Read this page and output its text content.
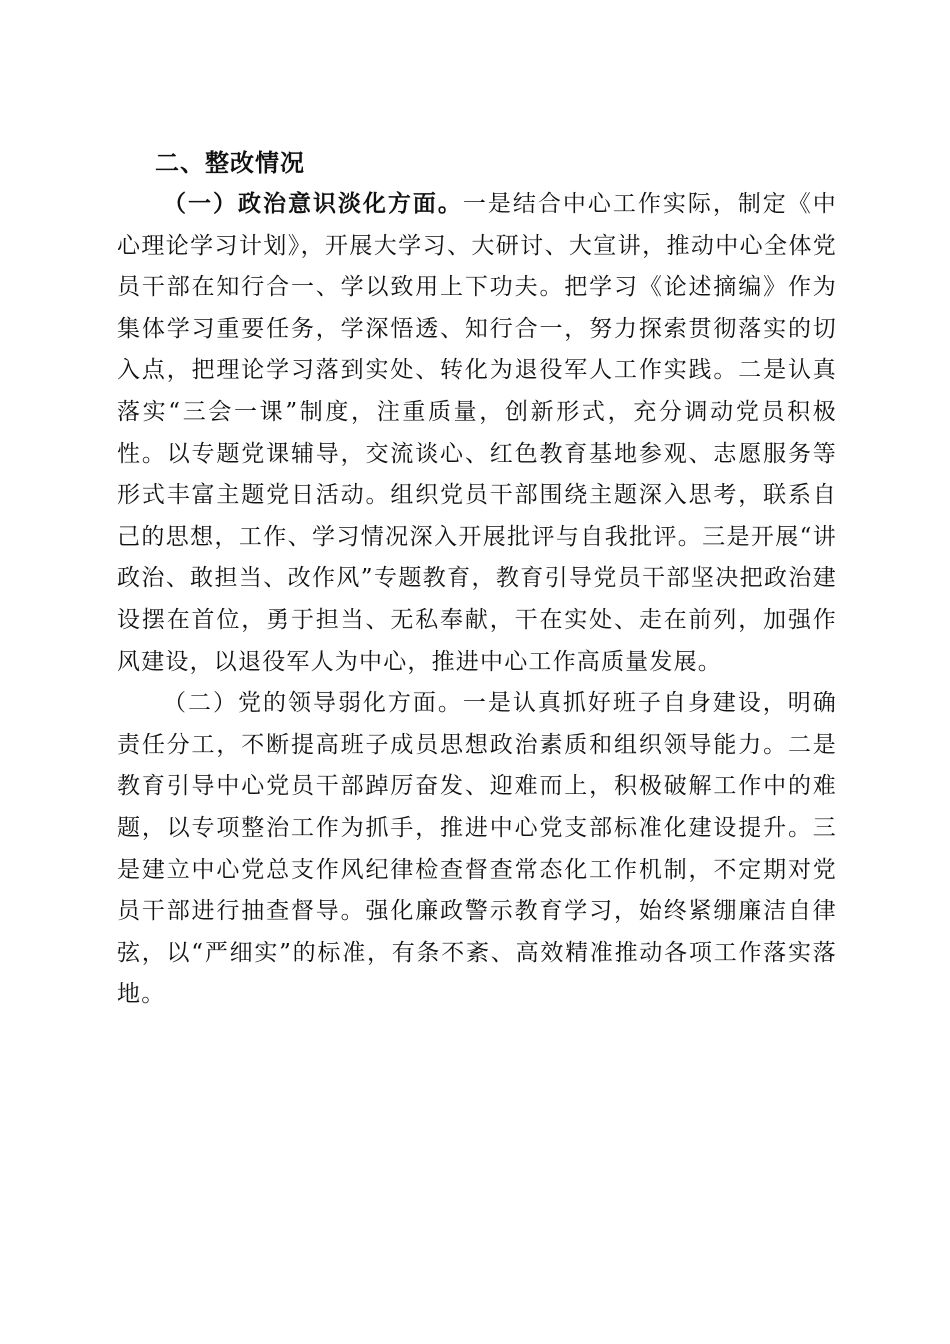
二、整改情况

（一）政治意识淡化方面。一是结合中心工作实际，制定《中心理论学习计划》，开展大学习、大研讨、大宣讲，推动中心全体党员干部在知行合一、学以致用上下功夫。把学习《论述摘编》作为集体学习重要任务，学深悟透、知行合一，努力探索贯彻落实的切入点，把理论学习落到实处、转化为退役军人工作实践。二是认真落实“三会一课”制度，注重质量，创新形式，充分调动党员积极性。以专题党课辅导，交流谈心、红色教育基地参观、志愿服务等形式丰富主题党日活动。组织党员干部围绕主题深入思考，联系自己的思想，工作、学习情况深入开展批评与自我批评。三是开展“讲政治、敢担当、改作风”专题教育，教育引导党员干部坚决把政治建设摆在首位，勇于担当、无私奉献，干在实处、走在前列，加强作风建设，以退役军人为中心，推进中心工作高质量发展。

（二）党的领导弱化方面。一是认真抓好班子自身建设，明确责任分工，不断提高班子成员思想政治素质和组织领导能力。二是教育引导中心党员干部踔厉奋发、迎难而上，积极破解工作中的难题，以专项整治工作为抓手，推进中心党支部标准化建设提升。三是建立中心党总支作风纪律检查督查常态化工作机制，不定期对党员干部进行抽查督导。强化廉政警示教育学习，始终紧绷廉洁自律弦，以“严细实”的标准，有条不紊、高效精准推动各项工作落实落地。
